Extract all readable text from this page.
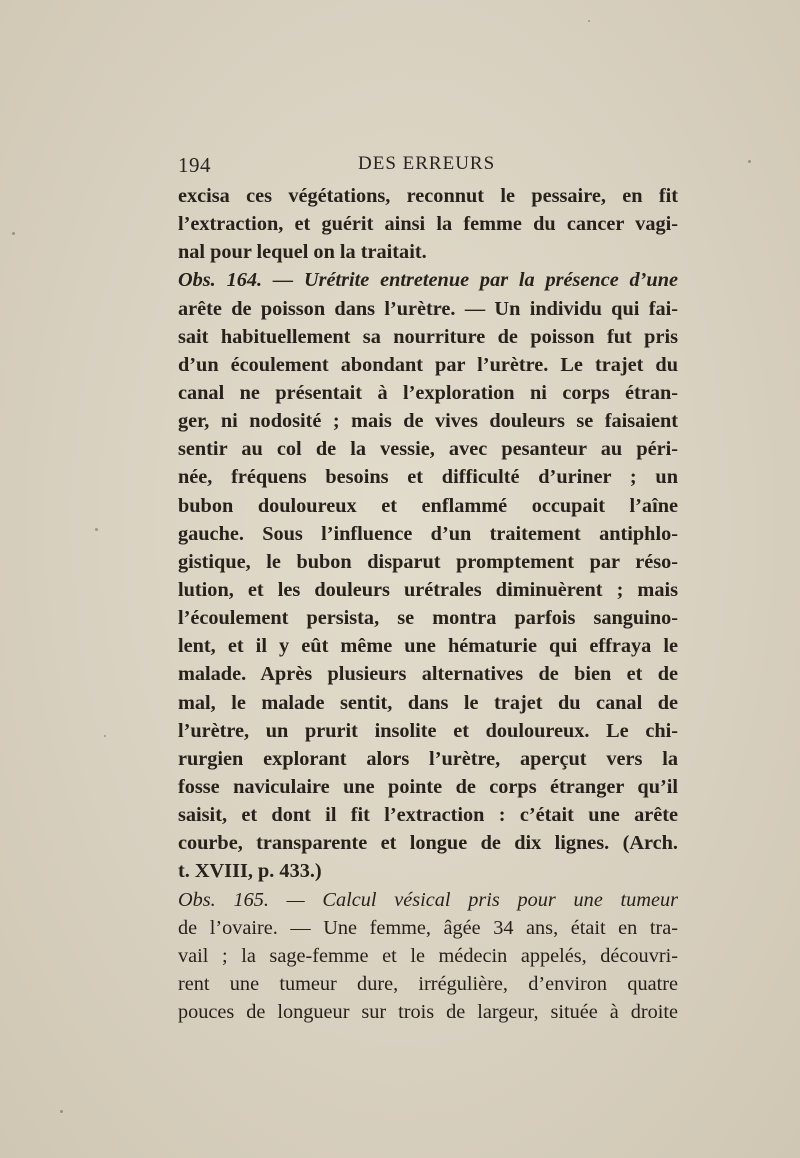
194	DES ERREURS
excisa ces végétations, reconnut le pessaire, en fit
l’extraction, et guérit ainsi la femme du cancer vagi-
nal pour lequel on la traitait.
Obs. 164. — Urétrite entretenue par la présence d’une
arête de poisson dans l’urètre. — Un individu qui fai-
sait habituellement sa nourriture de poisson fut pris
d’un écoulement abondant par l’urètre. Le trajet du
canal ne présentait à l’exploration ni corps étran-
ger, ni nodosité ; mais de vives douleurs se faisaient
sentir au col de la vessie, avec pesanteur au péri-
née, fréquens besoins et difficulté d’uriner ; un
bubon douloureux et enflammé occupait l’aîne
gauche. Sous l’influence d’un traitement antiphlo-
gistique, le bubon disparut promptement par réso-
lution, et les douleurs urétrales diminuèrent ; mais
l’écoulement persista, se montra parfois sanguino-
lent, et il y eût même une hématurie qui effraya le
malade. Après plusieurs alternatives de bien et de
mal, le malade sentit, dans le trajet du canal de
l’urètre, un prurit insolite et douloureux. Le chi-
rurgien explorant alors l’urètre, aperçut vers la
fosse naviculaire une pointe de corps étranger qu’il
saisit, et dont il fit l’extraction : c’était une arête
courbe, transparente et longue de dix lignes. (Arch.
t. XVIII, p. 433.)
Obs. 165. — Calcul vésical pris pour une tumeur
de l’ovaire. — Une femme, âgée 34 ans, était en tra-
vail ; la sage-femme et le médecin appelés, découvri-
rent une tumeur dure, irrégulière, d’environ quatre
pouces de longueur sur trois de largeur, située à droite
